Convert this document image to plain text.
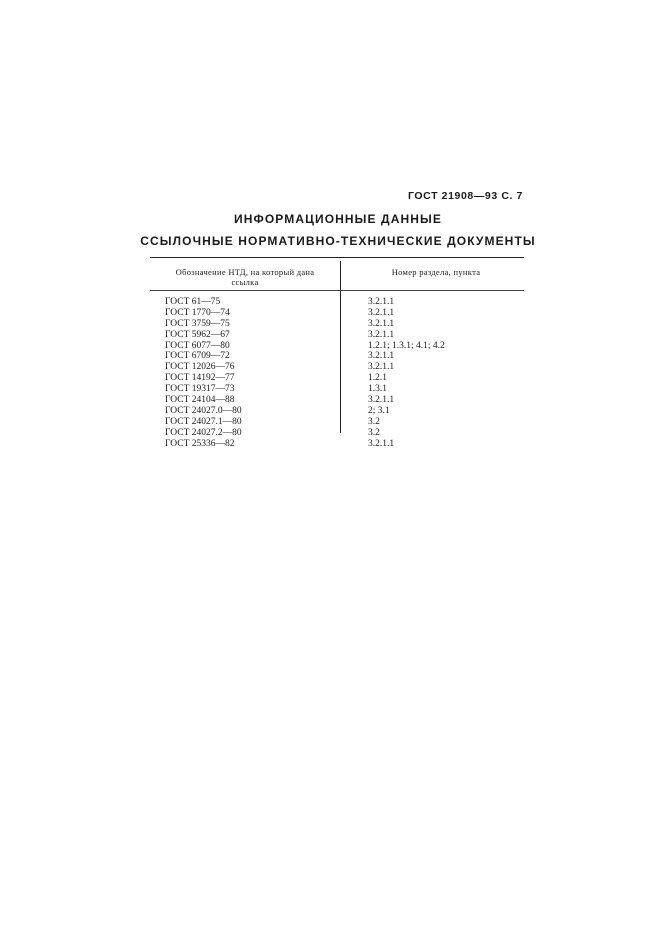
ГОСТ 21908—93 С. 7
ИНФОРМАЦИОННЫЕ ДАННЫЕ
ССЫЛОЧНЫЕ НОРМАТИВНО-ТЕХНИЧЕСКИЕ ДОКУМЕНТЫ
Обозначение НТД, на который дана ссылка
Номер раздела, пункта
ГОСТ 61—75
ГОСТ 1770—74
ГОСТ 3759—75
ГОСТ 5962—67
ГОСТ 6077—80
ГОСТ 6709—72
ГОСТ 12026—76
ГОСТ 14192—77
ГОСТ 19317—73
ГОСТ 24104—88
ГОСТ 24027.0—80
ГОСТ 24027.1—80
ГОСТ 24027.2—80
ГОСТ 25336—82
3.2.1.1
3.2.1.1
3.2.1.1
3.2.1.1
1.2.1; 1.3.1; 4.1; 4.2
3.2.1.1
3.2.1.1
1.2.1
1.3.1
3.2.1.1
2; 3.1
3.2
3.2
3.2.1.1
